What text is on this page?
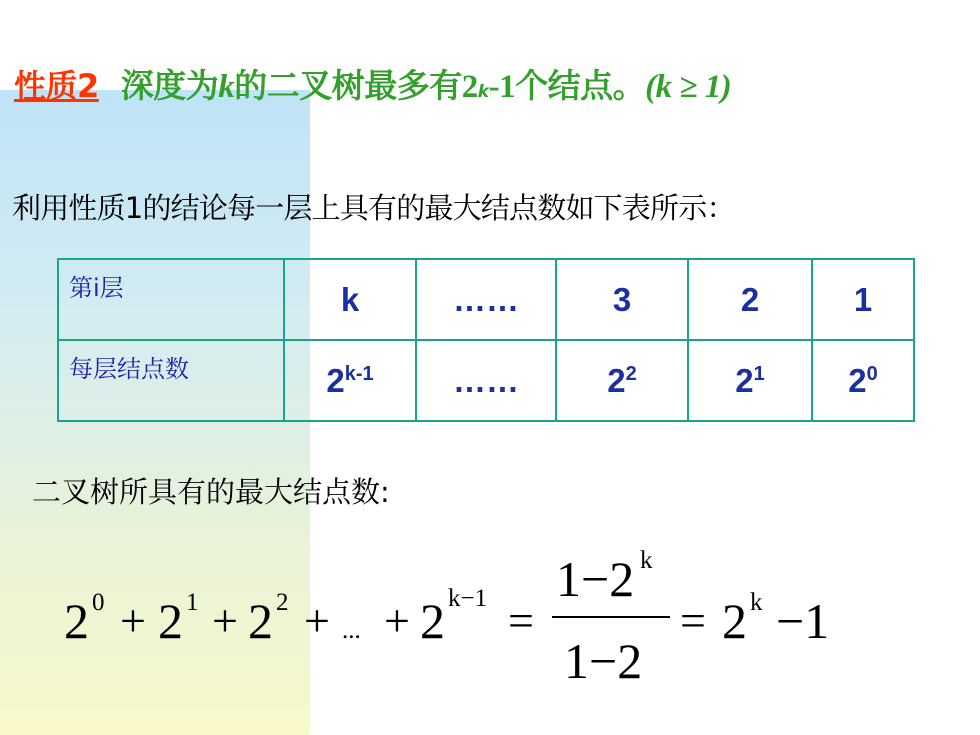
性质2 深度为 k 的二叉树最多有 2 k -1 个结点。 (k ≥ 1)
利用性质1的结论每一层上具有的最大结点数如下表所示：
第i层	k	……	3	2	1
每层结点数	2$^{k-1}$	……	$2^2$	$2^1$	$2^0$
二叉树所具有的最大结点数:
2 0 + 2 1 + 2 2 + ... + 2 k−1 =
1−2 k
1−2
= 2 k −1
